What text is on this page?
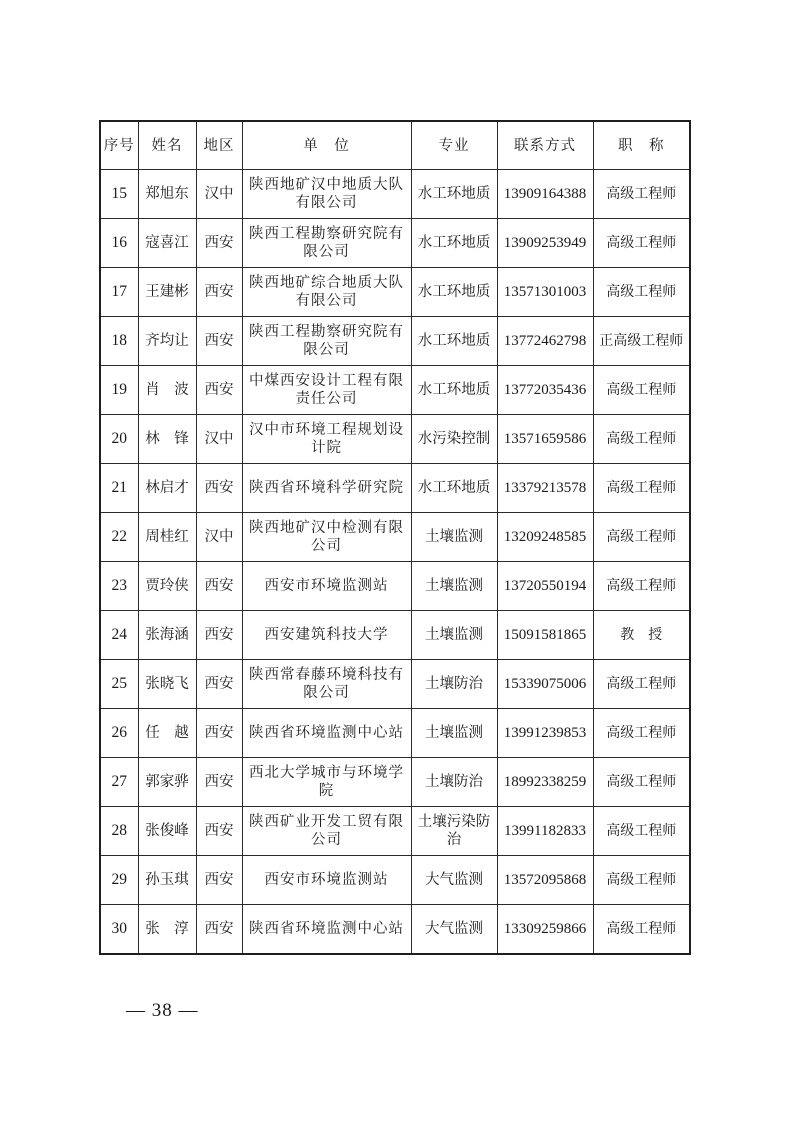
序号	姓名	地区	单　位	专业	联系方式	职　称
15	郑旭东	汉中	陕西地矿汉中地质大队有限公司	水工环地质	13909164388	高级工程师
16	寇喜江	西安	陕西工程勘察研究院有限公司	水工环地质	13909253949	高级工程师
17	王建彬	西安	陕西地矿综合地质大队有限公司	水工环地质	13571301003	高级工程师
18	齐均让	西安	陕西工程勘察研究院有限公司	水工环地质	13772462798	正高级工程师
19	肖　波	西安	中煤西安设计工程有限责任公司	水工环地质	13772035436	高级工程师
20	林　锋	汉中	汉中市环境工程规划设计院	水污染控制	13571659586	高级工程师
21	林启才	西安	陕西省环境科学研究院	水工环地质	13379213578	高级工程师
22	周桂红	汉中	陕西地矿汉中检测有限公司	土壤监测	13209248585	高级工程师
23	贾玲侠	西安	西安市环境监测站	土壤监测	13720550194	高级工程师
24	张海涵	西安	西安建筑科技大学	土壤监测	15091581865	教　授
25	张晓飞	西安	陕西常春藤环境科技有限公司	土壤防治	15339075006	高级工程师
26	任　越	西安	陕西省环境监测中心站	土壤监测	13991239853	高级工程师
27	郭家骅	西安	西北大学城市与环境学院	土壤防治	18992338259	高级工程师
28	张俊峰	西安	陕西矿业开发工贸有限公司	土壤污染防治	13991182833	高级工程师
29	孙玉琪	西安	西安市环境监测站	大气监测	13572095868	高级工程师
30	张　淳	西安	陕西省环境监测中心站	大气监测	13309259866	高级工程师
— 38 —
